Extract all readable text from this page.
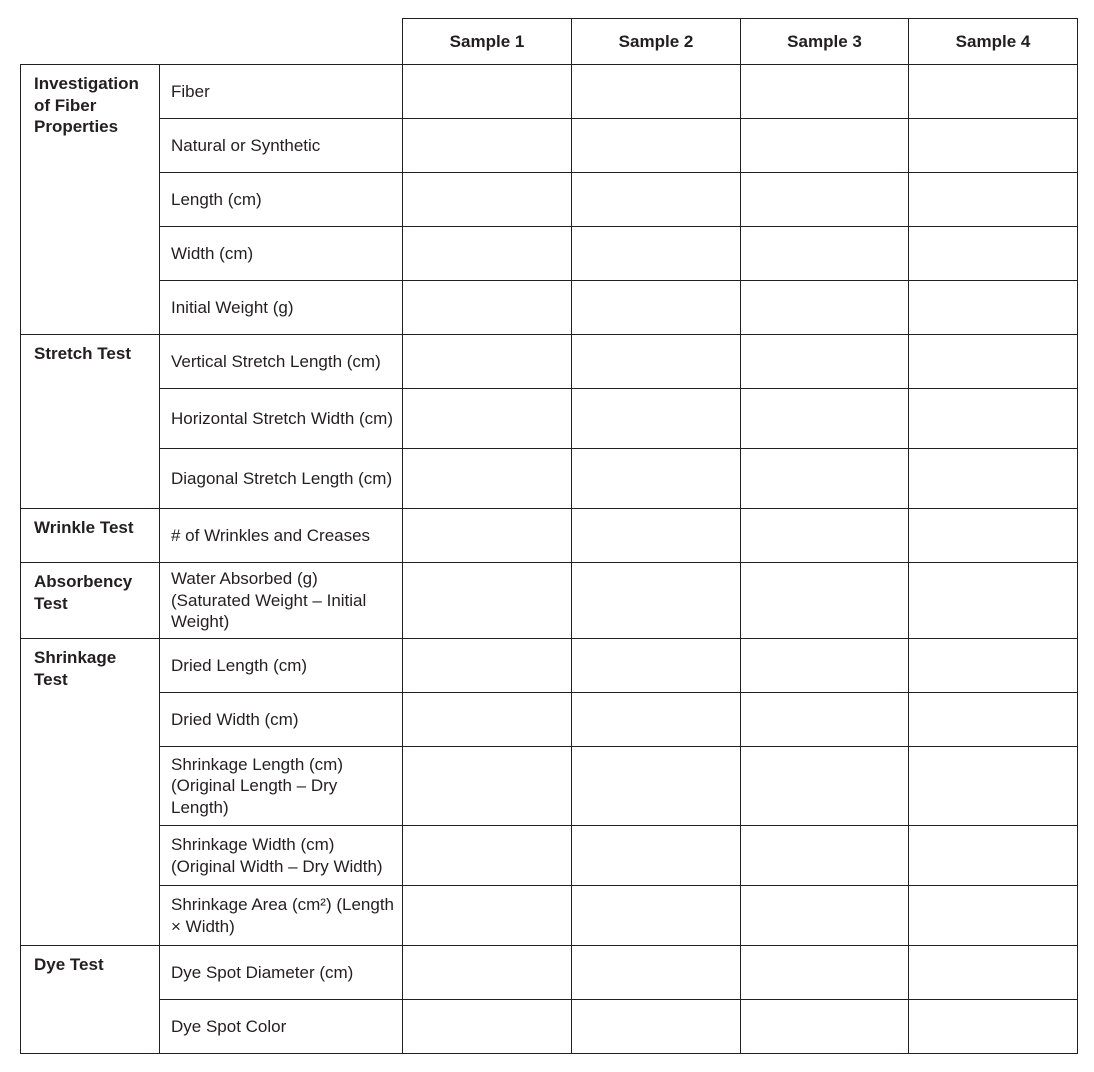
		Sample 1	Sample 2	Sample 3	Sample 4
Investigation of Fiber Properties	Fiber				
	Natural or Synthetic				
	Length (cm)				
	Width (cm)				
	Initial Weight (g)				
Stretch Test	Vertical Stretch Length (cm)				
	Horizontal Stretch Width (cm)				
	Diagonal Stretch Length (cm)				
Wrinkle Test	# of Wrinkles and Creases				
Absorbency Test	Water Absorbed (g) (Saturated Weight – Initial Weight)				
Shrinkage Test	Dried Length (cm)				
	Dried Width (cm)				
	Shrinkage Length (cm) (Original Length – Dry Length)				
	Shrinkage Width (cm) (Original Width – Dry Width)				
	Shrinkage Area (cm²) (Length × Width)				
Dye Test	Dye Spot Diameter (cm)				
	Dye Spot Color				
